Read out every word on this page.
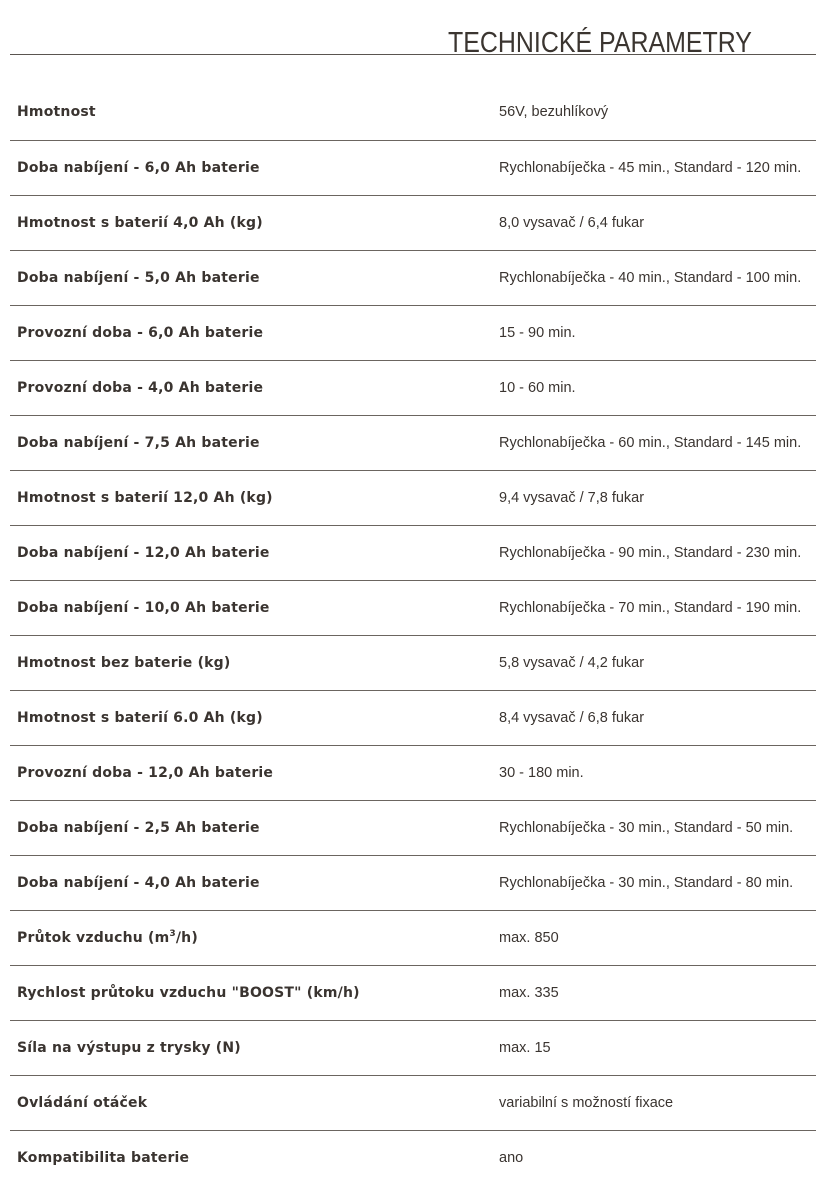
TECHNICKÉ PARAMETRY
Hmotnost	56V, bezuhlíkový
Doba nabíjení - 6,0 Ah baterie	Rychlonabíječka - 45 min., Standard - 120 min.
Hmotnost s baterií 4,0 Ah (kg)	8,0 vysavač / 6,4 fukar
Doba nabíjení - 5,0 Ah baterie	Rychlonabíječka - 40 min., Standard - 100 min.
Provozní doba - 6,0 Ah baterie	15 - 90 min.
Provozní doba - 4,0 Ah baterie	10 - 60 min.
Doba nabíjení - 7,5 Ah baterie	Rychlonabíječka - 60 min., Standard - 145 min.
Hmotnost s baterií 12,0 Ah (kg)	9,4 vysavač / 7,8 fukar
Doba nabíjení - 12,0 Ah baterie	Rychlonabíječka - 90 min., Standard - 230 min.
Doba nabíjení - 10,0 Ah baterie	Rychlonabíječka - 70 min., Standard - 190 min.
Hmotnost bez baterie (kg)	5,8 vysavač / 4,2 fukar
Hmotnost s baterií 6.0 Ah (kg)	8,4 vysavač / 6,8 fukar
Provozní doba - 12,0 Ah baterie	30 - 180 min.
Doba nabíjení - 2,5 Ah baterie	Rychlonabíječka - 30 min., Standard - 50 min.
Doba nabíjení - 4,0 Ah baterie	Rychlonabíječka - 30 min., Standard - 80 min.
Průtok vzduchu $(m^3/h)$	max. 850
Rychlost průtoku vzduchu "BOOST" (km/h)	max. 335
Síla na výstupu z trysky (N)	max. 15
Ovládání otáček	variabilní s možností fixace
Kompatibilita baterie	ano
